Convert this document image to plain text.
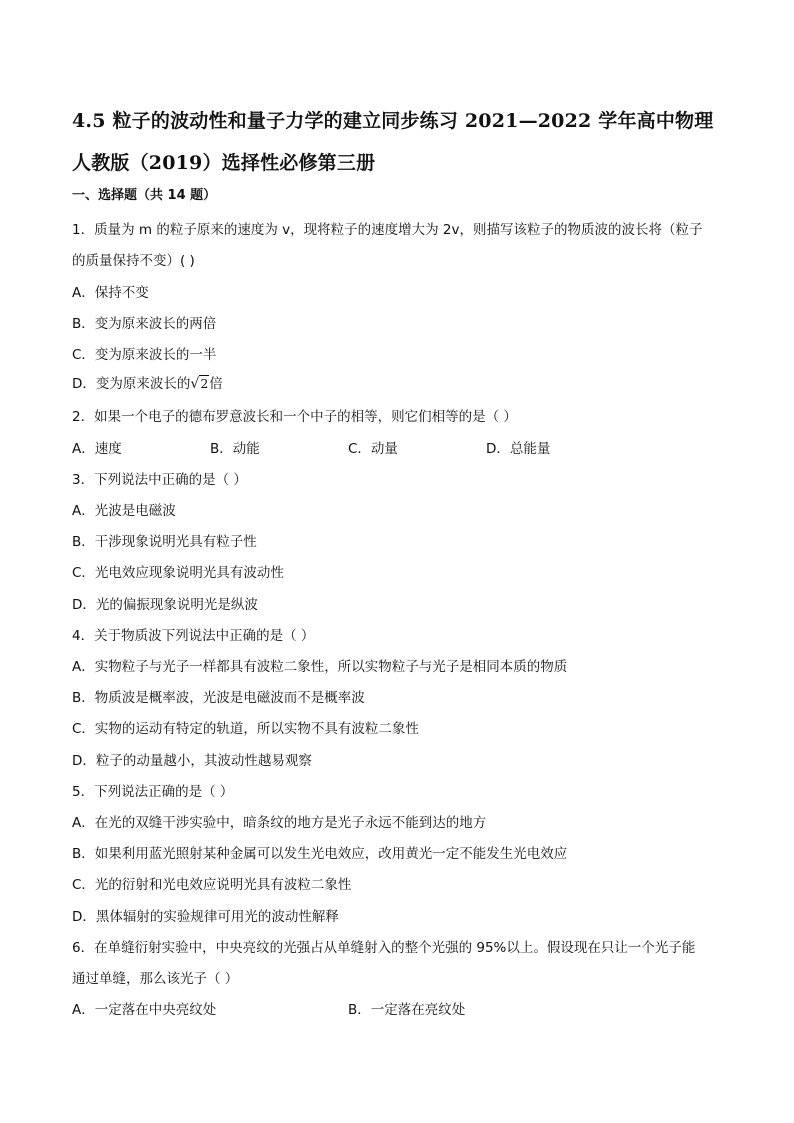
4.5 粒子的波动性和量子力学的建立同步练习 2021—2022 学年高中物理人教版（2019）选择性必修第三册
一、选择题（共 14 题）
1．质量为 m 的粒子原来的速度为 v，现将粒子的速度增大为 2v，则描写该粒子的物质波的波长将（粒子
的质量保持不变）( )
A．保持不变
B．变为原来波长的两倍
C．变为原来波长的一半
D．变为原来波长的√2倍
2．如果一个电子的德布罗意波长和一个中子的相等，则它们相等的是（ ）
A．速度	B．动能	C．动量	D．总能量
3．下列说法中正确的是（ ）
A．光波是电磁波
B．干涉现象说明光具有粒子性
C．光电效应现象说明光具有波动性
D．光的偏振现象说明光是纵波
4．关于物质波下列说法中正确的是（ ）
A．实物粒子与光子一样都具有波粒二象性，所以实物粒子与光子是相同本质的物质
B．物质波是概率波，光波是电磁波而不是概率波
C．实物的运动有特定的轨道，所以实物不具有波粒二象性
D．粒子的动量越小，其波动性越易观察
5．下列说法正确的是（ ）
A．在光的双缝干涉实验中，暗条纹的地方是光子永远不能到达的地方
B．如果利用蓝光照射某种金属可以发生光电效应，改用黄光一定不能发生光电效应
C．光的衍射和光电效应说明光具有波粒二象性
D．黑体辐射的实验规律可用光的波动性解释
6．在单缝衍射实验中，中央亮纹的光强占从单缝射入的整个光强的 95%以上。假设现在只让一个光子能
通过单缝，那么该光子（ ）
A．一定落在中央亮纹处	B．一定落在亮纹处
